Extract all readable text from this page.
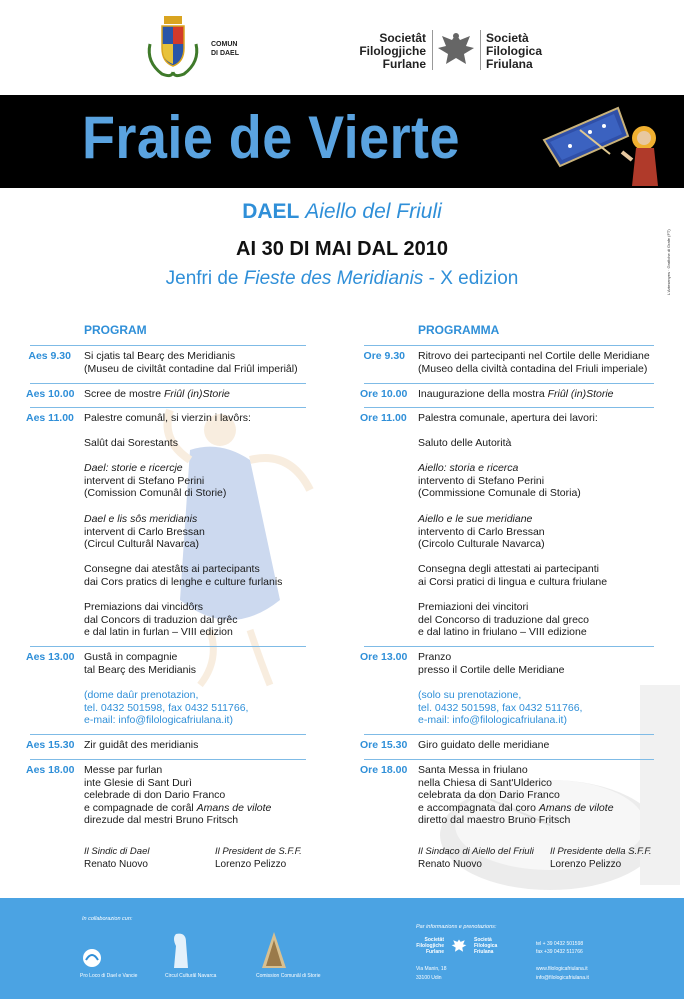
COMUN
DI DAEL
Societât
Filologjiche
Furlane
Società
Filologica
Friulana
Fraie de Vierte
L'Artesenyes · Grafiche di Grafe (FT)
DAEL Aiello del Friuli
AI 30 DI MAI DAL 2010
Jenfri de Fieste des Meridianis - X edizion
PROGRAM
Aes 9.30 Si cjatis tal Bearç des Meridianis
(Museu de civiltât contadine dal Friûl imperiâl)
Aes 10.00 Scree de mostre Friûl (in)Storie
Aes 11.00 Palestre comunâl, si vierzin i lavôrs:
Salût dai Sorestants
Dael: storie e ricercje
intervent di Stefano Perini
(Comission Comunâl di Storie)
Dael e lis sôs meridianis
intervent di Carlo Bressan
(Circul Culturâl Navarca)
Consegne dai atestâts ai partecipants
dai Cors pratics di lenghe e culture furlanis
Premiazions dai vincidôrs
dal Concors di traduzion dal grêc
e dal latin in furlan – VIII edizion
Aes 13.00 Gustâ in compagnie
tal Bearç des Meridianis
(dome daûr prenotazion,
tel. 0432 501598, fax 0432 511766,
e-mail: info@filologicafriulana.it)
Aes 15.30 Zir guidât des meridianis
Aes 18.00 Messe par furlan
inte Glesie di Sant Durì
celebrade di don Dario Franco
e compagnade de corâl Amans de vilote
direzude dal mestri Bruno Fritsch
Il Sindic di Dael
Renato Nuovo
Il President de S.F.F.
Lorenzo Pelizzo
PROGRAMMA
Ore 9.30 Ritrovo dei partecipanti nel Cortile delle Meridiane
(Museo della civiltà contadina del Friuli imperiale)
Ore 10.00 Inaugurazione della mostra Friûl (in)Storie
Ore 11.00 Palestra comunale, apertura dei lavori:
Saluto delle Autorità
Aiello: storia e ricerca
intervento di Stefano Perini
(Commissione Comunale di Storia)
Aiello e le sue meridiane
intervento di Carlo Bressan
(Circolo Culturale Navarca)
Consegna degli attestati ai partecipanti
ai Corsi pratici di lingua e cultura friulane
Premiazioni dei vincitori
del Concorso di traduzione dal greco
e dal latino in friulano – VIII edizione
Ore 13.00 Pranzo
presso il Cortile delle Meridiane
(solo su prenotazione,
tel. 0432 501598, fax 0432 511766,
e-mail: info@filologicafriulana.it)
Ore 15.30 Giro guidato delle meridiane
Ore 18.00 Santa Messa in friulano
nella Chiesa di Sant'Ulderico
celebrata da don Dario Franco
e accompagnata dal coro Amans de vilote
diretto dal maestro Bruno Fritsch
Il Sindaco di Aiello del Friuli
Renato Nuovo
Il Presidente della S.F.F.
Lorenzo Pelizzo
In collaborazion cun:
Pro Loco di Dael e Vancie	Circul Culturâl Navarca	Comission Comunâl di Storie
Par informazions e prenotazions:
Societât
Filologjiche
Furlane
Società
Filologica
Friulana
Via Manin, 18
33100 Udin
tel + 39 0432 501598
fax +39 0432 511766
www.filologicafriulana.it
info@filologicafriulana.it
